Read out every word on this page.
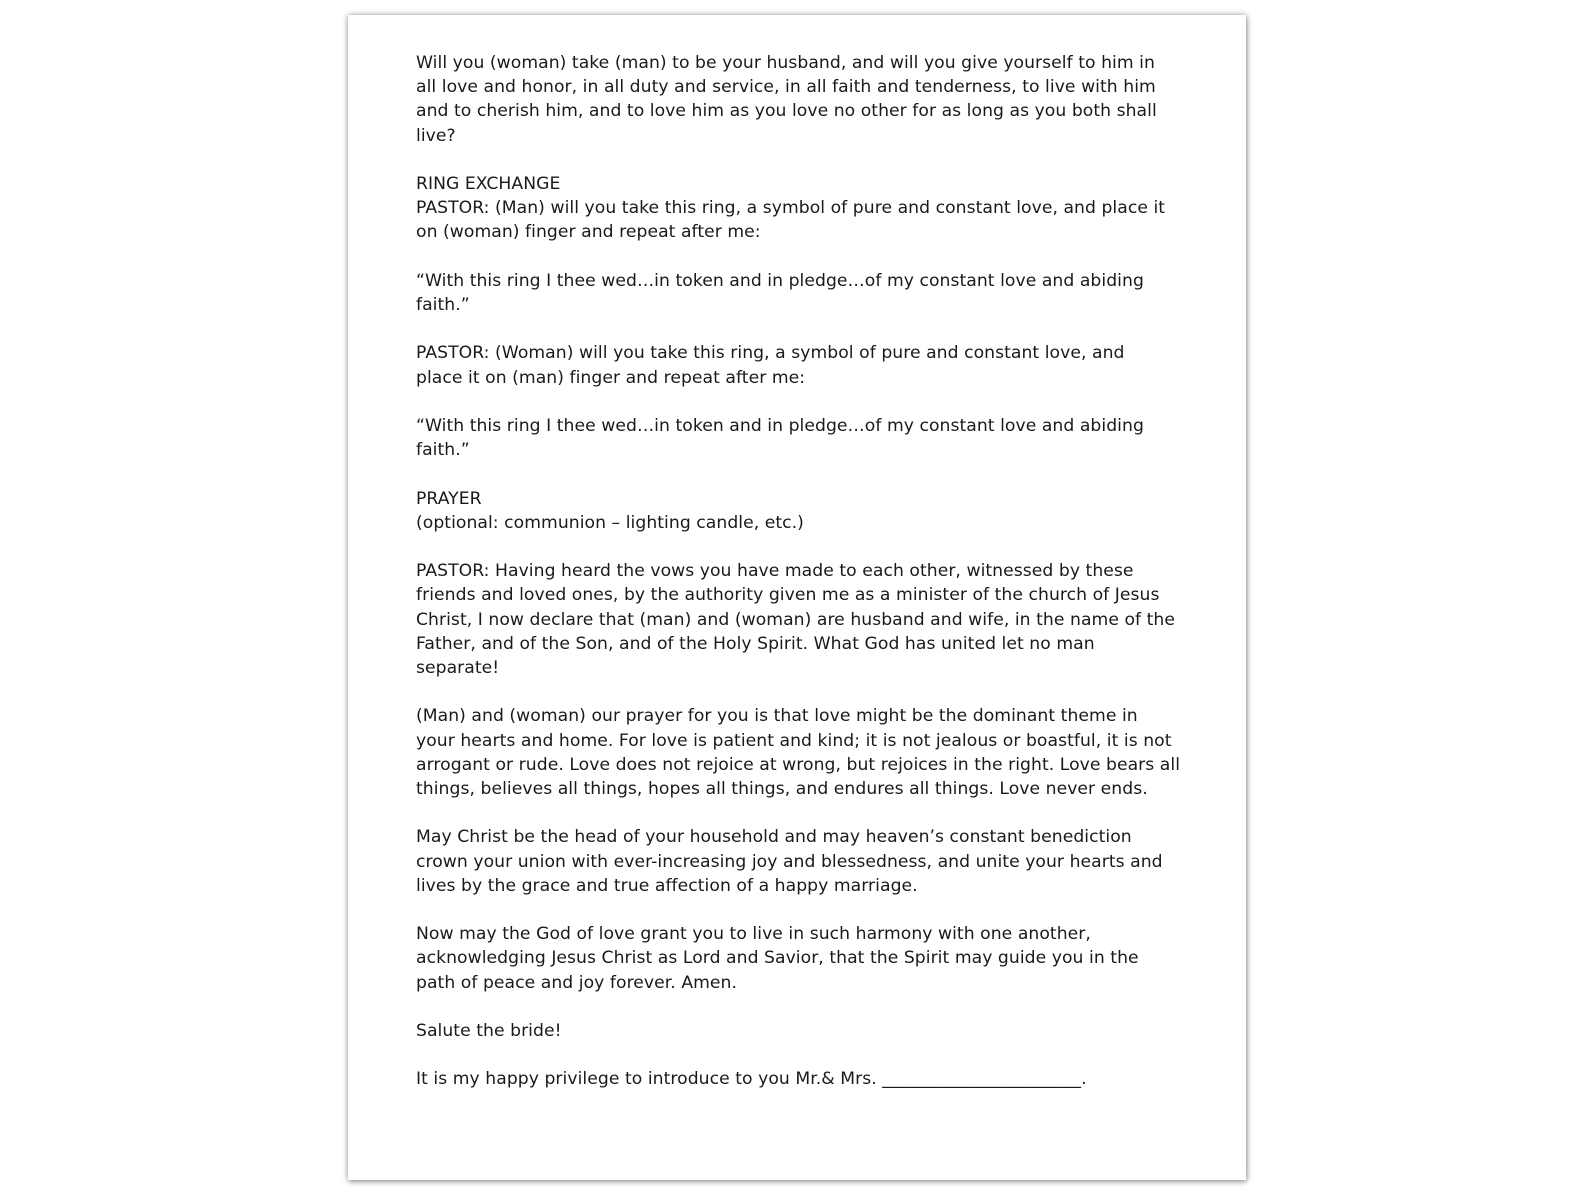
Will you (woman) take (man) to be your husband, and will you give yourself to him in
all love and honor, in all duty and service, in all faith and tenderness, to live with him
and to cherish him, and to love him as you love no other for as long as you both shall
live?

RING EXCHANGE
PASTOR: (Man) will you take this ring, a symbol of pure and constant love, and place it
on (woman) finger and repeat after me:

“With this ring I thee wed…in token and in pledge…of my constant love and abiding
faith.”

PASTOR: (Woman) will you take this ring, a symbol of pure and constant love, and
place it on (man) finger and repeat after me:

“With this ring I thee wed…in token and in pledge…of my constant love and abiding
faith.”

PRAYER
(optional: communion – lighting candle, etc.)

PASTOR: Having heard the vows you have made to each other, witnessed by these
friends and loved ones, by the authority given me as a minister of the church of Jesus
Christ, I now declare that (man) and (woman) are husband and wife, in the name of the
Father, and of the Son, and of the Holy Spirit. What God has united let no man
separate!

(Man) and (woman) our prayer for you is that love might be the dominant theme in
your hearts and home. For love is patient and kind; it is not jealous or boastful, it is not
arrogant or rude. Love does not rejoice at wrong, but rejoices in the right. Love bears all
things, believes all things, hopes all things, and endures all things. Love never ends.

May Christ be the head of your household and may heaven’s constant benediction
crown your union with ever-increasing joy and blessedness, and unite your hearts and
lives by the grace and true affection of a happy marriage.

Now may the God of love grant you to live in such harmony with one another,
acknowledging Jesus Christ as Lord and Savior, that the Spirit may guide you in the
path of peace and joy forever. Amen.

Salute the bride!

It is my happy privilege to introduce to you Mr.& Mrs. _______________________.
